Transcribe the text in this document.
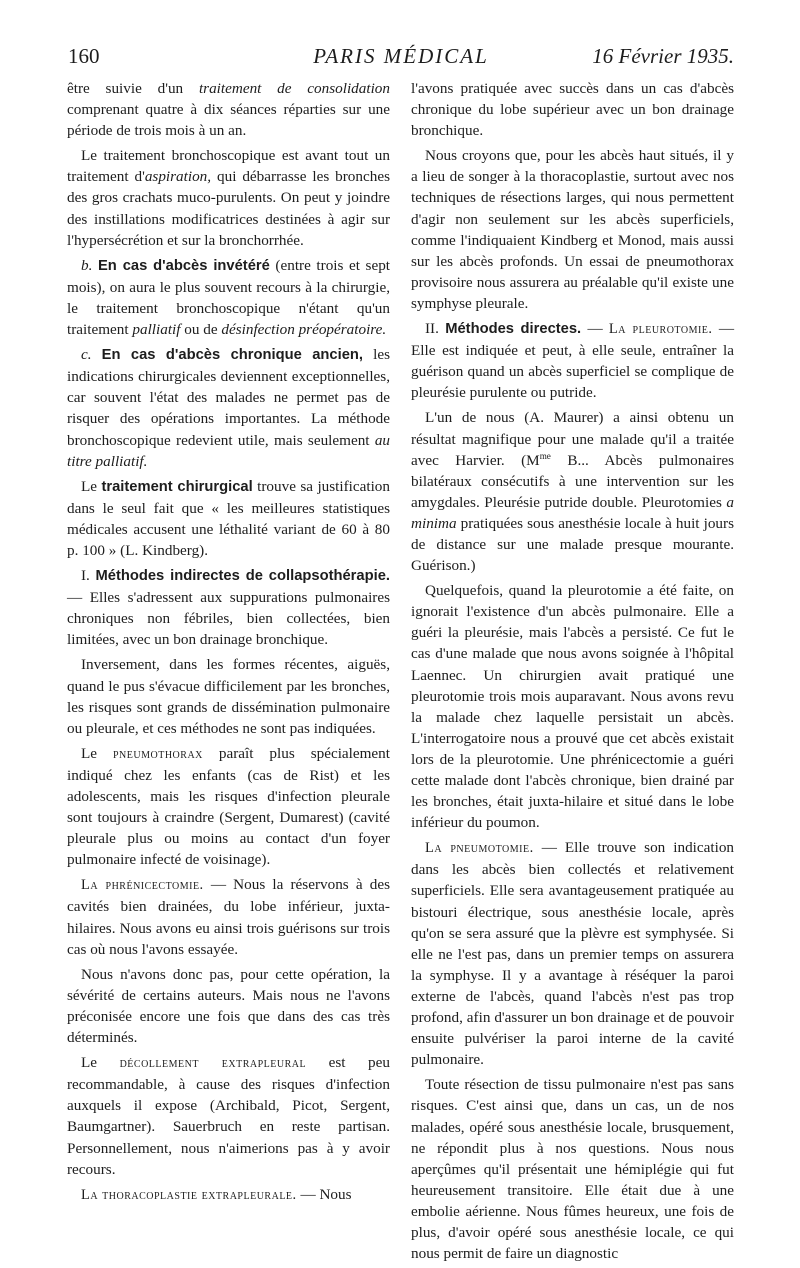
160	PARIS MÉDICAL	16 Février 1935.

être suivie d'un traitement de consolidation comprenant quatre à dix séances réparties sur une période de trois mois à un an.

Le traitement bronchoscopique est avant tout un traitement d'aspiration, qui débarrasse les bronches des gros crachats muco-purulents. On peut y joindre des instillations modificatrices destinées à agir sur l'hypersécrétion et sur la bronchorrhée.

b. En cas d'abcès invétéré (entre trois et sept mois), on aura le plus souvent recours à la chirurgie, le traitement bronchoscopique n'étant qu'un traitement palliatif ou de désinfection préopératoire.

c. En cas d'abcès chronique ancien, les indications chirurgicales deviennent exceptionnelles, car souvent l'état des malades ne permet pas de risquer des opérations importantes. La méthode bronchoscopique redevient utile, mais seulement au titre palliatif.

Le traitement chirurgical trouve sa justification dans le seul fait que « les meilleures statistiques médicales accusent une léthalité variant de 60 à 80 p. 100 » (L. Kindberg).

I. Méthodes indirectes de collapsothérapie. — Elles s'adressent aux suppurations pulmonaires chroniques non fébriles, bien collectées, bien limitées, avec un bon drainage bronchique.

Inversement, dans les formes récentes, aiguës, quand le pus s'évacue difficilement par les bronches, les risques sont grands de dissémination pulmonaire ou pleurale, et ces méthodes ne sont pas indiquées.

Le pneumothorax paraît plus spécialement indiqué chez les enfants (cas de Rist) et les adolescents, mais les risques d'infection pleurale sont toujours à craindre (Sergent, Dumarest) (cavité pleurale plus ou moins au contact d'un foyer pulmonaire infecté de voisinage).

La phrénicectomie. — Nous la réservons à des cavités bien drainées, du lobe inférieur, juxta-hilaires. Nous avons eu ainsi trois guérisons sur trois cas où nous l'avons essayée.

Nous n'avons donc pas, pour cette opération, la sévérité de certains auteurs. Mais nous ne l'avons préconisée encore une fois que dans des cas très déterminés.

Le décollement extrapleural est peu recommandable, à cause des risques d'infection auxquels il expose (Archibald, Picot, Sergent, Baumgartner). Sauerbruch en reste partisan. Personnellement, nous n'aimerions pas à y avoir recours.

La thoracoplastie extrapleurale. — Nous

l'avons pratiquée avec succès dans un cas d'abcès chronique du lobe supérieur avec un bon drainage bronchique.

Nous croyons que, pour les abcès haut situés, il y a lieu de songer à la thoracoplastie, surtout avec nos techniques de résections larges, qui nous permettent d'agir non seulement sur les abcès superficiels, comme l'indiquaient Kindberg et Monod, mais aussi sur les abcès profonds. Un essai de pneumothorax provisoire nous assurera au préalable qu'il existe une symphyse pleurale.

II. Méthodes directes. — La pleurotomie. — Elle est indiquée et peut, à elle seule, entraîner la guérison quand un abcès superficiel se complique de pleurésie purulente ou putride.

L'un de nous (A. Maurer) a ainsi obtenu un résultat magnifique pour une malade qu'il a traitée avec Harvier. ($M^{me}$ B... Abcès pulmonaires bilatéraux consécutifs à une intervention sur les amygdales. Pleurésie putride double. Pleurotomies a minima pratiquées sous anesthésie locale à huit jours de distance sur une malade presque mourante. Guérison.)

Quelquefois, quand la pleurotomie a été faite, on ignorait l'existence d'un abcès pulmonaire. Elle a guéri la pleurésie, mais l'abcès a persisté. Ce fut le cas d'une malade que nous avons soignée à l'hôpital Laennec. Un chirurgien avait pratiqué une pleurotomie trois mois auparavant. Nous avons revu la malade chez laquelle persistait un abcès. L'interrogatoire nous a prouvé que cet abcès existait lors de la pleurotomie. Une phrénicectomie a guéri cette malade dont l'abcès chronique, bien drainé par les bronches, était juxta-hilaire et situé dans le lobe inférieur du poumon.

La pneumotomie. — Elle trouve son indication dans les abcès bien collectés et relativement superficiels. Elle sera avantageusement pratiquée au bistouri électrique, sous anesthésie locale, après qu'on se sera assuré que la plèvre est symphysée. Si elle ne l'est pas, dans un premier temps on assurera la symphyse. Il y a avantage à réséquer la paroi externe de l'abcès, quand l'abcès n'est pas trop profond, afin d'assurer un bon drainage et de pouvoir ensuite pulvériser la paroi interne de la cavité pulmonaire.

Toute résection de tissu pulmonaire n'est pas sans risques. C'est ainsi que, dans un cas, un de nos malades, opéré sous anesthésie locale, brusquement, ne répondit plus à nos questions. Nous nous aperçûmes qu'il présentait une hémiplégie qui fut heureusement transitoire. Elle était due à une embolie aérienne. Nous fûmes heureux, une fois de plus, d'avoir opéré sous anesthésie locale, ce qui nous permit de faire un diagnostic
